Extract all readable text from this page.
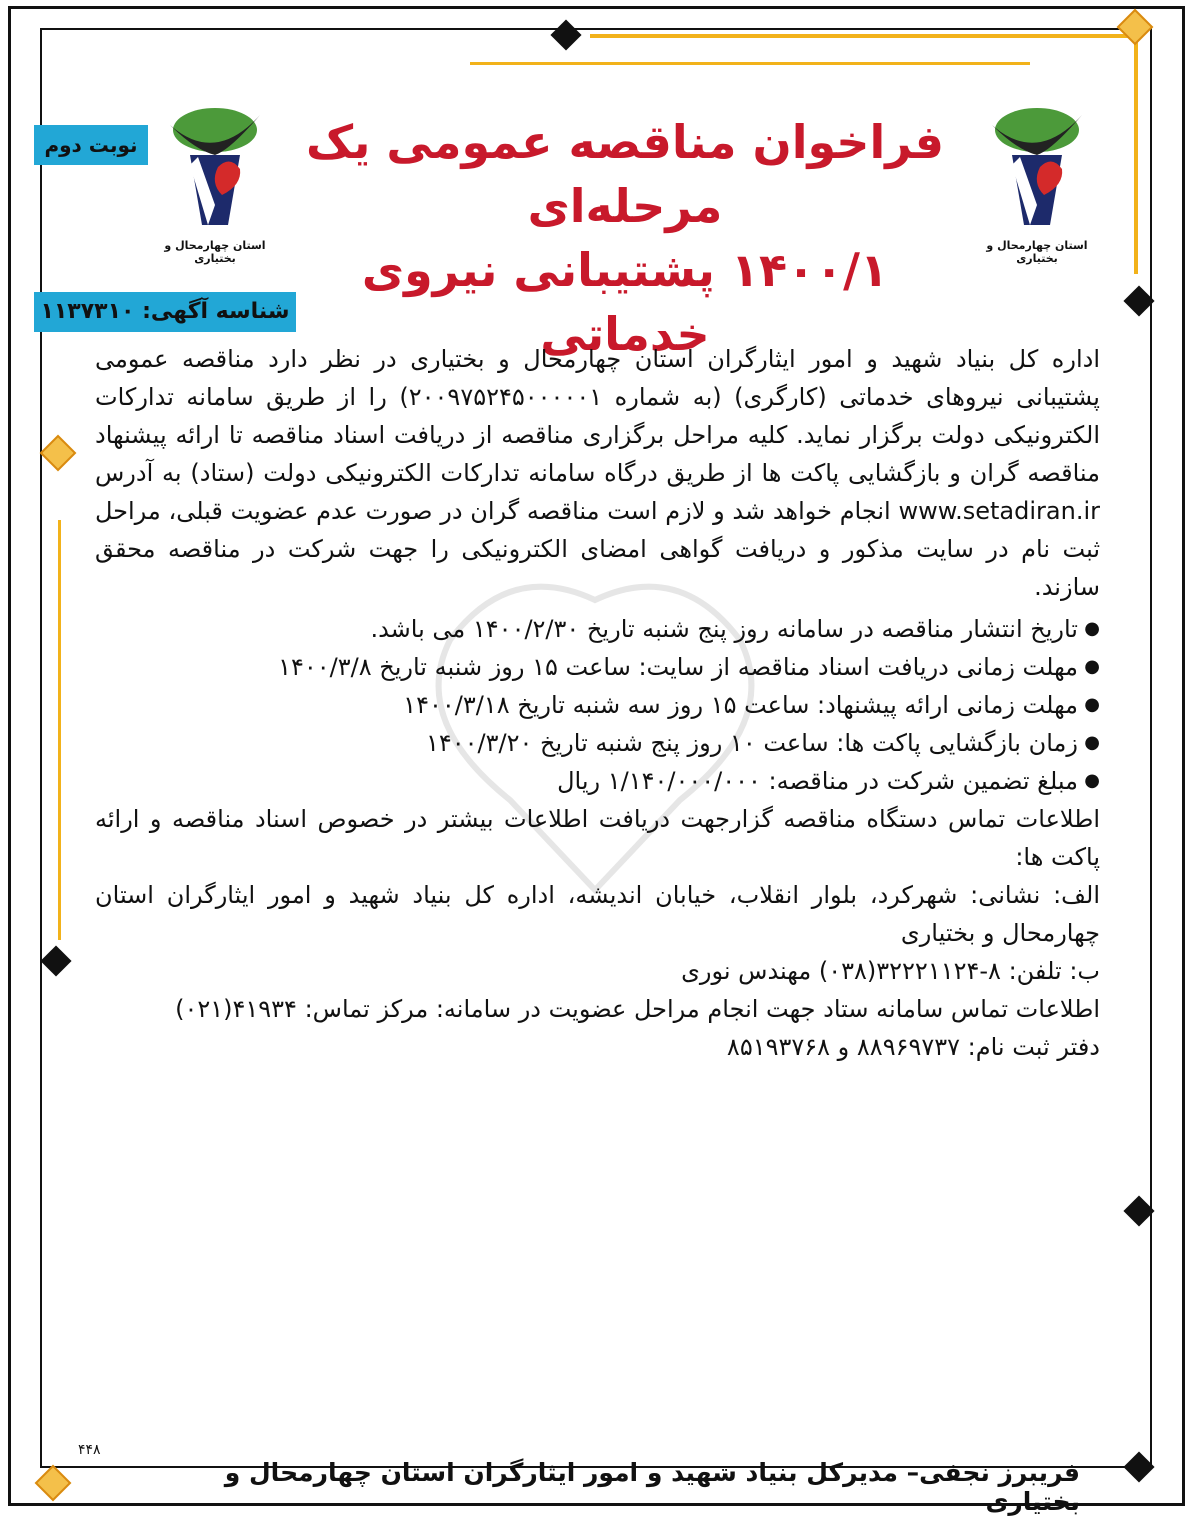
استان چهارمحال و بختیاری
استان چهارمحال و بختیاری
نوبت دوم
شناسه آگهی: ۱۱۳۷۳۱۰
فراخوان مناقصه عمومی یک مرحله‌ای
۱۴۰۰/۱ پشتیبانی نیروی خدماتی

اداره کل بنیاد شهید و امور ایثارگران استان چهارمحال و بختیاری در نظر دارد مناقصه عمومی پشتیبانی نیروهای خدماتی (کارگری) (به شماره ۲۰۰۹۷۵۲۴۵۰۰۰۰۰۱) را از طریق سامانه تدارکات الکترونیکی دولت برگزار نماید. کلیه مراحل برگزاری مناقصه از دریافت اسناد مناقصه تا ارائه پیشنهاد مناقصه گران و بازگشایی پاکت ها از طریق درگاه سامانه تدارکات الکترونیکی دولت (ستاد) به آدرس www.setadiran.ir انجام خواهد شد و لازم است مناقصه گران در صورت عدم عضویت قبلی، مراحل ثبت نام در سایت مذکور و دریافت گواهی امضای الکترونیکی را جهت شرکت در مناقصه محقق سازند.

● تاریخ انتشار مناقصه در سامانه روز پنج شنبه تاریخ ۱۴۰۰/۲/۳۰ می باشد.
● مهلت زمانی دریافت اسناد مناقصه از سایت: ساعت ۱۵ روز شنبه تاریخ ۱۴۰۰/۳/۸
● مهلت زمانی ارائه پیشنهاد: ساعت ۱۵ روز سه شنبه تاریخ ۱۴۰۰/۳/۱۸
● زمان بازگشایی پاکت ها: ساعت ۱۰ روز پنج شنبه تاریخ ۱۴۰۰/۳/۲۰
● مبلغ تضمین شرکت در مناقصه: ۱/۱۴۰/۰۰۰/۰۰۰ ریال

اطلاعات تماس دستگاه مناقصه گزارجهت دریافت اطلاعات بیشتر در خصوص اسناد مناقصه و ارائه پاکت ها:

الف: نشانی: شهرکرد، بلوار انقلاب، خیابان اندیشه، اداره کل بنیاد شهید و امور ایثارگران استان چهارمحال و بختیاری

ب: تلفن: ۸-۳۲۲۲۱۱۲۴(۰۳۸) مهندس نوری

اطلاعات تماس سامانه ستاد جهت انجام مراحل عضویت در سامانه: مرکز تماس: ۴۱۹۳۴(۰۲۱)

دفتر ثبت نام: ۸۸۹۶۹۷۳۷ و ۸۵۱۹۳۷۶۸

۴۴۸
فریبرز نجفی– مدیرکل بنیاد شهید و امور ایثارگران استان چهارمحال و بختیاری
